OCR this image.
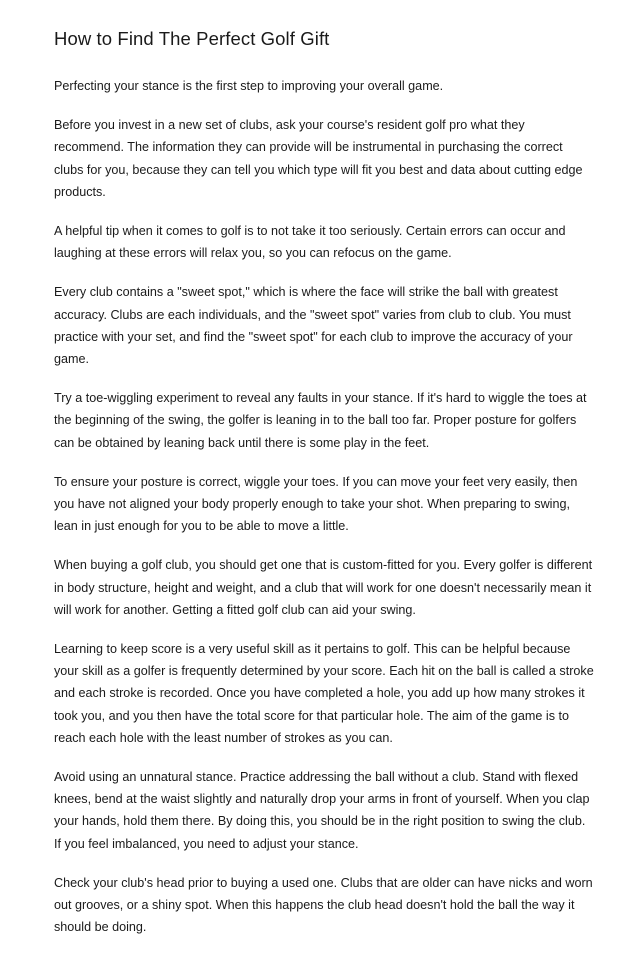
How to Find The Perfect Golf Gift

Perfecting your stance is the first step to improving your overall game.

Before you invest in a new set of clubs, ask your course's resident golf pro what they recommend. The information they can provide will be instrumental in purchasing the correct clubs for you, because they can tell you which type will fit you best and data about cutting edge products.

A helpful tip when it comes to golf is to not take it too seriously. Certain errors can occur and laughing at these errors will relax you, so you can refocus on the game.

Every club contains a "sweet spot," which is where the face will strike the ball with greatest accuracy. Clubs are each individuals, and the "sweet spot" varies from club to club. You must practice with your set, and find the "sweet spot" for each club to improve the accuracy of your game.

Try a toe-wiggling experiment to reveal any faults in your stance. If it's hard to wiggle the toes at the beginning of the swing, the golfer is leaning in to the ball too far. Proper posture for golfers can be obtained by leaning back until there is some play in the feet.

To ensure your posture is correct, wiggle your toes. If you can move your feet very easily, then you have not aligned your body properly enough to take your shot. When preparing to swing, lean in just enough for you to be able to move a little.

When buying a golf club, you should get one that is custom-fitted for you. Every golfer is different in body structure, height and weight, and a club that will work for one doesn't necessarily mean it will work for another. Getting a fitted golf club can aid your swing.

Learning to keep score is a very useful skill as it pertains to golf. This can be helpful because your skill as a golfer is frequently determined by your score. Each hit on the ball is called a stroke and each stroke is recorded. Once you have completed a hole, you add up how many strokes it took you, and you then have the total score for that particular hole. The aim of the game is to reach each hole with the least number of strokes as you can.

Avoid using an unnatural stance. Practice addressing the ball without a club. Stand with flexed knees, bend at the waist slightly and naturally drop your arms in front of yourself. When you clap your hands, hold them there. By doing this, you should be in the right position to swing the club. If you feel imbalanced, you need to adjust your stance.

Check your club's head prior to buying a used one. Clubs that are older can have nicks and worn out grooves, or a shiny spot. When this happens the club head doesn't hold the ball the way it should be doing.
